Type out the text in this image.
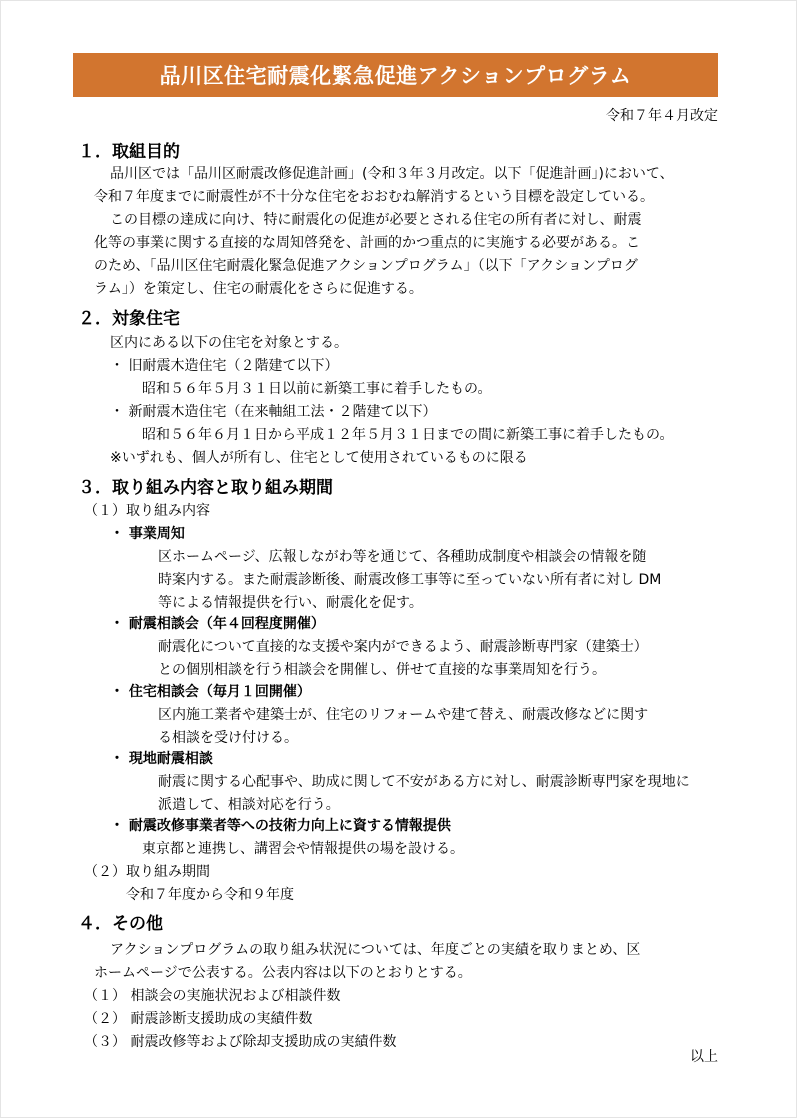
品川区住宅耐震化緊急促進アクションプログラム
令和７年４月改定
１．取組目的
品川区では「品川区耐震改修促進計画」(令和３年３月改定。以下「促進計画」)において、
令和７年度までに耐震性が不十分な住宅をおおむね解消するという目標を設定している。
この目標の達成に向け、特に耐震化の促進が必要とされる住宅の所有者に対し、耐震
化等の事業に関する直接的な周知啓発を、計画的かつ重点的に実施する必要がある。こ
のため、「品川区住宅耐震化緊急促進アクションプログラム」（以下「アクションプログ
ラム」）を策定し、住宅の耐震化をさらに促進する。
２．対象住宅
区内にある以下の住宅を対象とする。
・ 旧耐震木造住宅（２階建て以下）
昭和５６年５月３１日以前に新築工事に着手したもの。
・ 新耐震木造住宅（在来軸組工法・２階建て以下）
昭和５６年６月１日から平成１２年５月３１日までの間に新築工事に着手したもの。
※いずれも、個人が所有し、住宅として使用されているものに限る
３．取り組み内容と取り組み期間
（１）取り組み内容
・ 事業周知
区ホームページ、広報しながわ等を通じて、各種助成制度や相談会の情報を随
時案内する。また耐震診断後、耐震改修工事等に至っていない所有者に対し DM
等による情報提供を行い、耐震化を促す。
・ 耐震相談会（年４回程度開催）
耐震化について直接的な支援や案内ができるよう、耐震診断専門家（建築士）
との個別相談を行う相談会を開催し、併せて直接的な事業周知を行う。
・ 住宅相談会（毎月１回開催）
区内施工業者や建築士が、住宅のリフォームや建て替え、耐震改修などに関す
る相談を受け付ける。
・ 現地耐震相談
耐震に関する心配事や、助成に関して不安がある方に対し、耐震診断専門家を現地に
派遣して、相談対応を行う。
・ 耐震改修事業者等への技術力向上に資する情報提供
東京都と連携し、講習会や情報提供の場を設ける。
（２）取り組み期間
令和７年度から令和９年度
４．その他
アクションプログラムの取り組み状況については、年度ごとの実績を取りまとめ、区
ホームページで公表する。公表内容は以下のとおりとする。
（１） 相談会の実施状況および相談件数
（２） 耐震診断支援助成の実績件数
（３） 耐震改修等および除却支援助成の実績件数
以上
